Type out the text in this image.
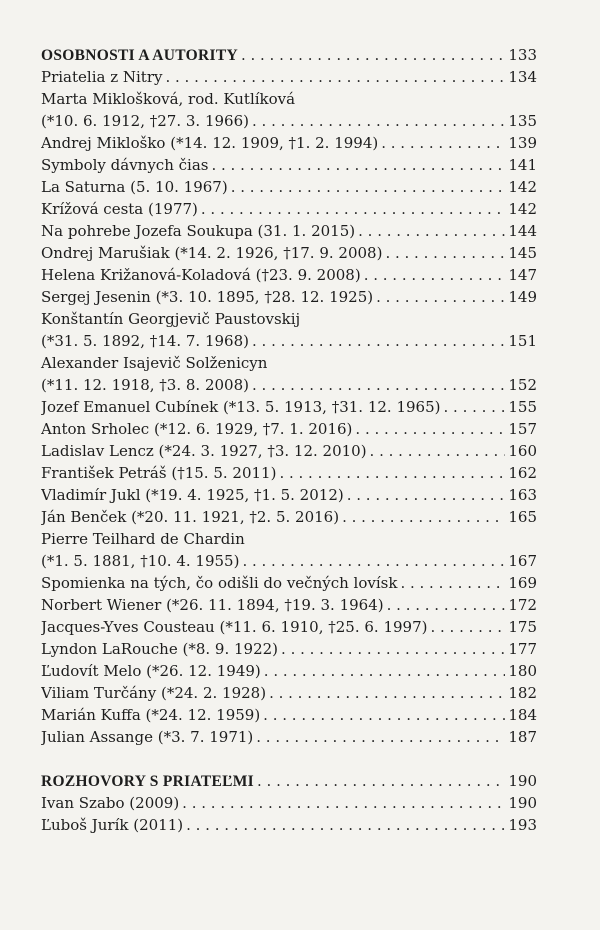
OSOBNOSTI A AUTORITY . . .	133
Priatelia z Nitry . . .	134
Marta Miklošková, rod. Kutlíková
(*10. 6. 1912, †27. 3. 1966) . . .	135
Andrej Mikloško (*14. 12. 1909, †1. 2. 1994) . . .	139
Symboly dávnych čias . . .	141
La Saturna (5. 10. 1967) . . .	142
Krížová cesta (1977) . . .	142
Na pohrebe Jozefa Soukupa (31. 1. 2015) . . .	144
Ondrej Marušiak (*14. 2. 1926, †17. 9. 2008) . . .	145
Helena Križanová-Koladová (†23. 9. 2008) . . .	147
Sergej Jesenin (*3. 10. 1895, †28. 12. 1925) . . .	149
Konštantín Georgjevič Paustovskij
(*31. 5. 1892, †14. 7. 1968) . . .	151
Alexander Isajevič Solženicyn
(*11. 12. 1918, †3. 8. 2008) . . .	152
Jozef Emanuel Cubínek (*13. 5. 1913, †31. 12. 1965) . . .	155
Anton Srholec (*12. 6. 1929, †7. 1. 2016) . . .	157
Ladislav Lencz (*24. 3. 1927, †3. 12. 2010) . . .	160
František Petráš (†15. 5. 2011) . . .	162
Vladimír Jukl (*19. 4. 1925, †1. 5. 2012) . . .	163
Ján Benček (*20. 11. 1921, †2. 5. 2016) . . .	165
Pierre Teilhard de Chardin
(*1. 5. 1881, †10. 4. 1955) . . .	167
Spomienka na tých, čo odišli do večných lovísk . . .	169
Norbert Wiener (*26. 11. 1894, †19. 3. 1964) . . .	172
Jacques-Yves Cousteau (*11. 6. 1910, †25. 6. 1997) . . .	175
Lyndon LaRouche (*8. 9. 1922) . . .	177
Ľudovít Melo (*26. 12. 1949) . . .	180
Viliam Turčány (*24. 2. 1928) . . .	182
Marián Kuffa (*24. 12. 1959) . . .	184
Julian Assange (*3. 7. 1971) . . .	187
ROZHOVORY S PRIATEĽMI . . .	190
Ivan Szabo (2009) . . .	190
Ľuboš Jurík (2011) . . .	193
